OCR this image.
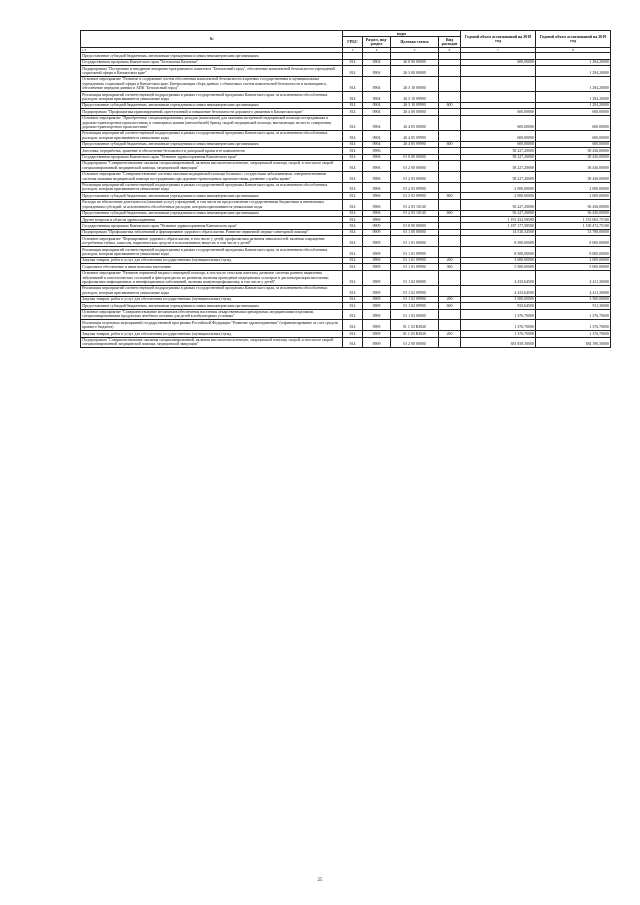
№	коды				Годовой объем ассигнований на 2018 год	Годовой объем ассигнований на 2019 год
	ГРБС	Раздел, под-раздел	Целевая статья	Вид расходов		
1 2	3	4	5	6	7	8
Предоставление субсидий бюджетным, автономным учреждениям и иным некоммерческим организациям						
Государственная программа Камчатского края "Безопасная Камчатка"	814	0904	26 0 00 00000		600,00000	1 294,20000
Подпрограмма "Построение и внедрение аппаратно-программного комплекса "Безопасный город", обеспечение комплексной безопасности учреждений социальной сферы в Камчатском крае"	814	0904	26 3 00 00000			1 294,20000
Основное мероприятие "Развитие и содержание систем обеспечения комплексной безопасности в краевых государственных и муниципальных учреждениях социальной сферы в Камчатском крае. Централизация сбора данных с объектовых систем комплексной безопасности и мониторинга, обеспечение передачи данных в АПК "Безопасный город"	814	0904	26 3 10 00000			1 294,20000
Реализация мероприятий соответствующей подпрограммы в рамках государственной программы Камчатского края, за исключением обособленных расходов, которым присваиваются уникальные коды	814	0904	26 3 10 09990			1 294,20000
Предоставление субсидий бюджетным, автономным учреждениям и иным некоммерческим организациям	814	0904	26 3 10 09990	600		1 294,20000
Подпрограмма "Профилактика правонарушений, преступлений и повышение безопасности дорожного движения в Камчатском крае"	814	0904	26 4 00 00000		600,00000	600,00000
Основное мероприятие "Приобретение специализированных укладок (комплектов) для оказания экстренной медицинской помощи пострадавшим в дорожно-транспортных происшествиях и санитарных машин (автомобилей) бригад скорой медицинской помощи, выезжающих на место совершения дорожно-транспортного происшествия"	814	0904	26 4 05 00000		600,00000	600,00000
Реализация мероприятий соответствующей подпрограммы в рамках государственной программы Камчатского края, за исключением обособленных расходов, которым присваиваются уникальные коды	814	0904	26 4 05 09990		600,00000	600,00000
Предоставление субсидий бюджетным, автономным учреждениям и иным некоммерческим организациям	814	0904	26 4 05 09990	600	600,00000	600,00000
Заготовка, переработка, хранение и обеспечение безопасности донорской крови и ее компонентов	814	0906			58 227,20000	58 436,00000
Государственная программа Камчатского края "Развитие здравоохранения Камчатского края"	814	0906	01 0 00 00000		58 227,20000	58 436,00000
Подпрограмма "Совершенствование оказания специализированной, включая высокотехнологичную, медицинской помощи, скорой, в том числе скорой специализированной, медицинской помощи, медицинской эвакуации"	814	0906	01 2 00 00000		58 227,20000	58 436,00000
Основное мероприятие "Совершенствование системы оказания медицинской помощи больным с сосудистыми заболеваниями, совершенствование системы оказания медицинской помощи пострадавшим при дорожно-транспортных происшествиях, развитие службы крови"	814	0906	01 2 03 00000		58 227,20000	58 436,00000
Реализация мероприятий соответствующей подпрограммы в рамках государственной программы Камчатского края, за исключением обособленных расходов, которым присваиваются уникальные коды	814	0906	01 2 03 09990		2 000,00000	2 000,00000
Предоставление субсидий бюджетным, автономным учреждениям и иным некоммерческим организациям	814	0906	01 2 03 09990	600	2 000,00000	2 000,00000
Расходы на обеспечение деятельности (оказание услуг) учреждений, в том числе на предоставление государственным бюджетным и автономным учреждениям субсидий, за исключением обособленных расходов, которым присваиваются уникальные коды	814	0906	01 2 03 10140		56 227,20000	56 436,00000
Предоставление субсидий бюджетным, автономным учреждениям и иным некоммерческим организациям	814	0906	01 2 03 10140	600	56 227,20000	56 436,00000
Другие вопросы в области здравоохранения	814	0909			1 191 432,58500	1 155 065,75100
Государственная программа Камчатского края "Развитие здравоохранения Камчатского края"	814	0909	01 0 00 00000		1 187 177,58500	1 150 472,75100
Подпрограмма "Профилактика заболеваний и формирование здорового образа жизни. Развитие первичной медико-санитарной помощи"	814	0909	01 1 00 00000		14 310,34500	13 788,00000
Основное мероприятие "Формирование здорового образа жизни, в том числе у детей; профилактика развития зависимостей, включая сокращение потребления табака, алкоголя, наркотических средств и психоактивных веществ, в том числе у детей"	814	0909	01 1 01 00000		8 500,00000	8 000,00000
Реализация мероприятий соответствующей подпрограммы в рамках государственной программы Камчатского края, за исключением обособленных расходов, которым присваиваются уникальные коды	814	0909	01 1 01 09990		8 500,00000	8 000,00000
Закупка товаров, работ и услуг для обеспечения государственных (муниципальных) нужд	814	0909	01 1 01 09990	200	3 000,00000	3 000,00000
Социальное обеспечение и иные выплаты населению	814	0909	01 1 01 09990	300	5 500,00000	5 000,00000
Основное мероприятие "Развитие первичной медико-санитарной помощи, в том числе сельским жителям, развитие системы раннего выявления заболеваний и патологических состояний и факторов риска их развития, включая проведение медицинских осмотров и диспансеризации населения; профилактика инфекционных и неинфекционных заболеваний, включая иммунопрофилактику, в том числе у детей"	814	0909	01 1 02 00000		4 433,64500	4 411,30000
Реализация мероприятий соответствующей подпрограммы в рамках государственной программы Камчатского края, за исключением обособленных расходов, которым присваиваются уникальные коды	814	0909	01 1 02 09990		4 433,64500	4 411,30000
Закупка товаров, работ и услуг для обеспечения государственных (муниципальных) нужд	814	0909	01 1 02 09990	200	3 500,00000	3 500,00000
Предоставление субсидий бюджетным, автономным учреждениям и иным некоммерческим организациям	814	0909	01 1 02 09990	600	933,64500	911,30000
Основное мероприятие "Совершенствование механизмов обеспечения населения лекарственными препаратами, медицинскими изделиями, специализированными продуктами лечебного питания для детей в амбулаторных условиях"	814	0909	01 1 03 00000		1 376,70000	1 376,70000
Реализация отдельных мероприятий государственной программы Российской Федерации "Развитие здравоохранения" (софинансирование за счет средств краевого бюджета)	814	0909	01 1 03 R3820		1 376,70000	1 376,70000
Закупка товаров, работ и услуг для обеспечения государственных (муниципальных) нужд	814	0909	01 1 03 R3820	200	1 376,70000	1 376,70000
Подпрограмма "Совершенствование оказания специализированной, включая высокотехнологичную, медицинской помощи, скорой, в том числе скорой специализированной, медицинской помощи, медицинской эвакуации"	814	0909	01 2 00 00000		381 839,30000	384 190,30000
25
